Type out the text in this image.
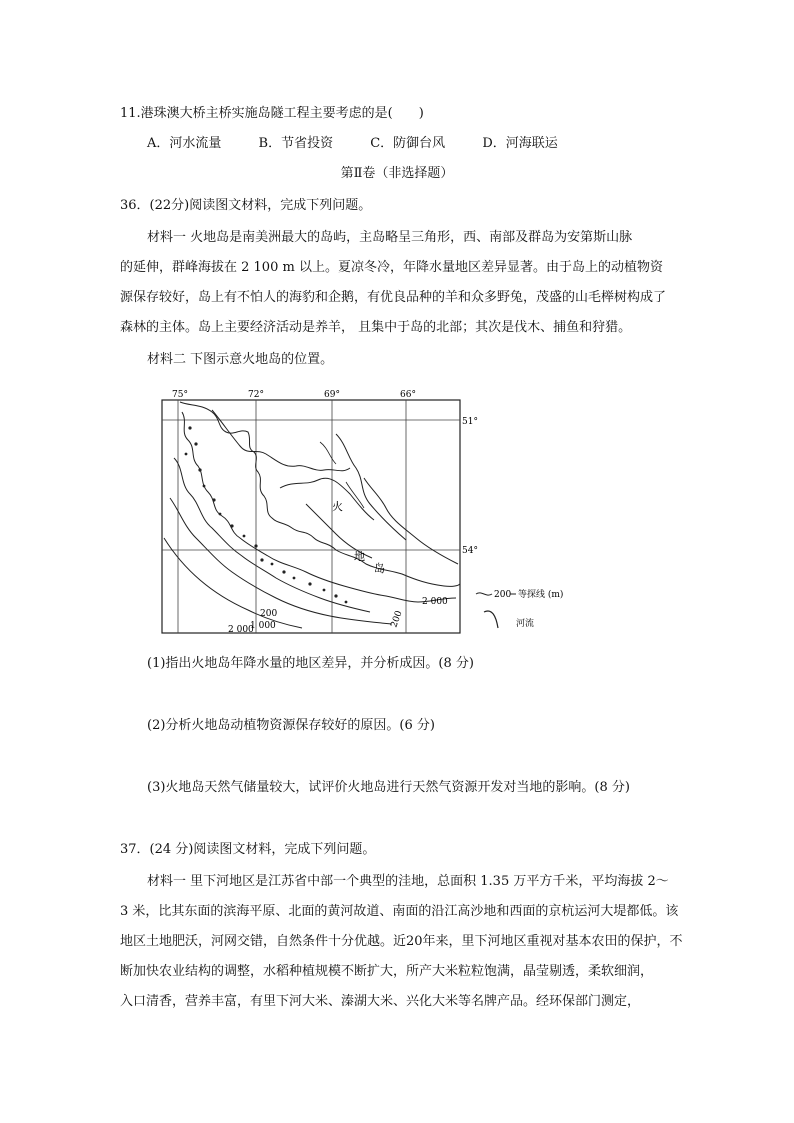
11.港珠澳大桥主桥实施岛隧工程主要考虑的是(　　)
A．河水流量	B．节省投资	C．防御台风	D．河海联运
第Ⅱ卷（非选择题）
36．(22分)阅读图文材料，完成下列问题。
材料一 火地岛是南美洲最大的岛屿，主岛略呈三角形，西、南部及群岛为安第斯山脉
的延伸，群峰海拔在 2 100 m 以上。夏凉冬冷，年降水量地区差异显著。由于岛上的动植物资
源保存较好，岛上有不怕人的海豹和企鹅，有优良品种的羊和众多野兔，茂盛的山毛榉树构成了
森林的主体。岛上主要经济活动是养羊， 且集中于岛的北部；其次是伐木、捕鱼和狩猎。
材料二 下图示意火地岛的位置。
75°	72°	69°	66°
51°
54°
200
1 000
2 000
200
2 000
火
地
岛
200 等探线 (m)
河流
(1)指出火地岛年降水量的地区差异，并分析成因。(8 分)
(2)分析火地岛动植物资源保存较好的原因。(6 分)
(3)火地岛天然气储量较大，试评价火地岛进行天然气资源开发对当地的影响。(8 分)
37．(24 分)阅读图文材料，完成下列问题。
材料一 里下河地区是江苏省中部一个典型的洼地，总面积 1.35 万平方千米，平均海拔 2～
3 米，比其东面的滨海平原、北面的黄河故道、南面的沿江高沙地和西面的京杭运河大堤都低。该
地区土地肥沃，河网交错，自然条件十分优越。近20年来，里下河地区重视对基本农田的保护，不
断加快农业结构的调整，水稻种植规模不断扩大，所产大米粒粒饱满，晶莹剔透，柔软细润，
入口清香，营养丰富，有里下河大米、溱湖大米、兴化大米等名牌产品。经环保部门测定，
